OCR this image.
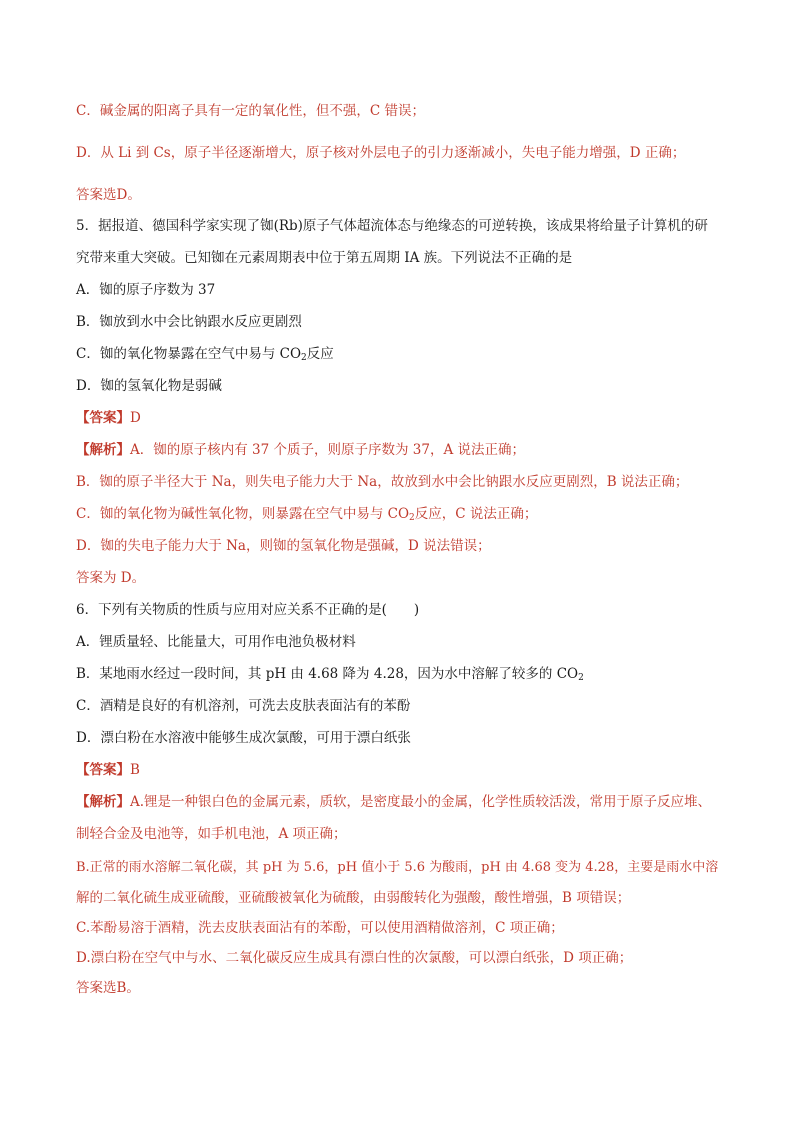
C．碱金属的阳离子具有一定的氧化性，但不强，C 错误；
D．从 Li 到 Cs，原子半径逐渐增大，原子核对外层电子的引力逐渐减小，失电子能力增强，D 正确；
答案选D。
5．据报道、德国科学家实现了铷(Rb)原子气体超流体态与绝缘态的可逆转换，该成果将给量子计算机的研
究带来重大突破。已知铷在元素周期表中位于第五周期 IA 族。下列说法不正确的是
A．铷的原子序数为 37
B．铷放到水中会比钠跟水反应更剧烈
C．铷的氧化物暴露在空气中易与 $CO_2$反应
D．铷的氢氧化物是弱碱
【答案】D
【解析】A．铷的原子核内有 37 个质子，则原子序数为 37，A 说法正确；
B．铷的原子半径大于 Na，则失电子能力大于 Na，故放到水中会比钠跟水反应更剧烈，B 说法正确；
C．铷的氧化物为碱性氧化物，则暴露在空气中易与 $CO_2$反应，C 说法正确；
D．铷的失电子能力大于 Na，则铷的氢氧化物是强碱，D 说法错误；
答案为 D。
6．下列有关物质的性质与应用对应关系不正确的是(　　)
A．锂质量轻、比能量大，可用作电池负极材料
B．某地雨水经过一段时间，其 pH 由 4.68 降为 4.28，因为水中溶解了较多的 $CO_2$
C．酒精是良好的有机溶剂，可洗去皮肤表面沾有的苯酚
D．漂白粉在水溶液中能够生成次氯酸，可用于漂白纸张
【答案】B
【解析】A.锂是一种银白色的金属元素，质软，是密度最小的金属，化学性质较活泼，常用于原子反应堆、
制轻合金及电池等，如手机电池，A 项正确；
B.正常的雨水溶解二氧化碳，其 pH 为 5.6，pH 值小于 5.6 为酸雨，pH 由 4.68 变为 4.28，主要是雨水中溶
解的二氧化硫生成亚硫酸，亚硫酸被氧化为硫酸，由弱酸转化为强酸，酸性增强，B 项错误；
C.苯酚易溶于酒精，洗去皮肤表面沾有的苯酚，可以使用酒精做溶剂，C 项正确；
D.漂白粉在空气中与水、二氧化碳反应生成具有漂白性的次氯酸，可以漂白纸张，D 项正确；
答案选B。
